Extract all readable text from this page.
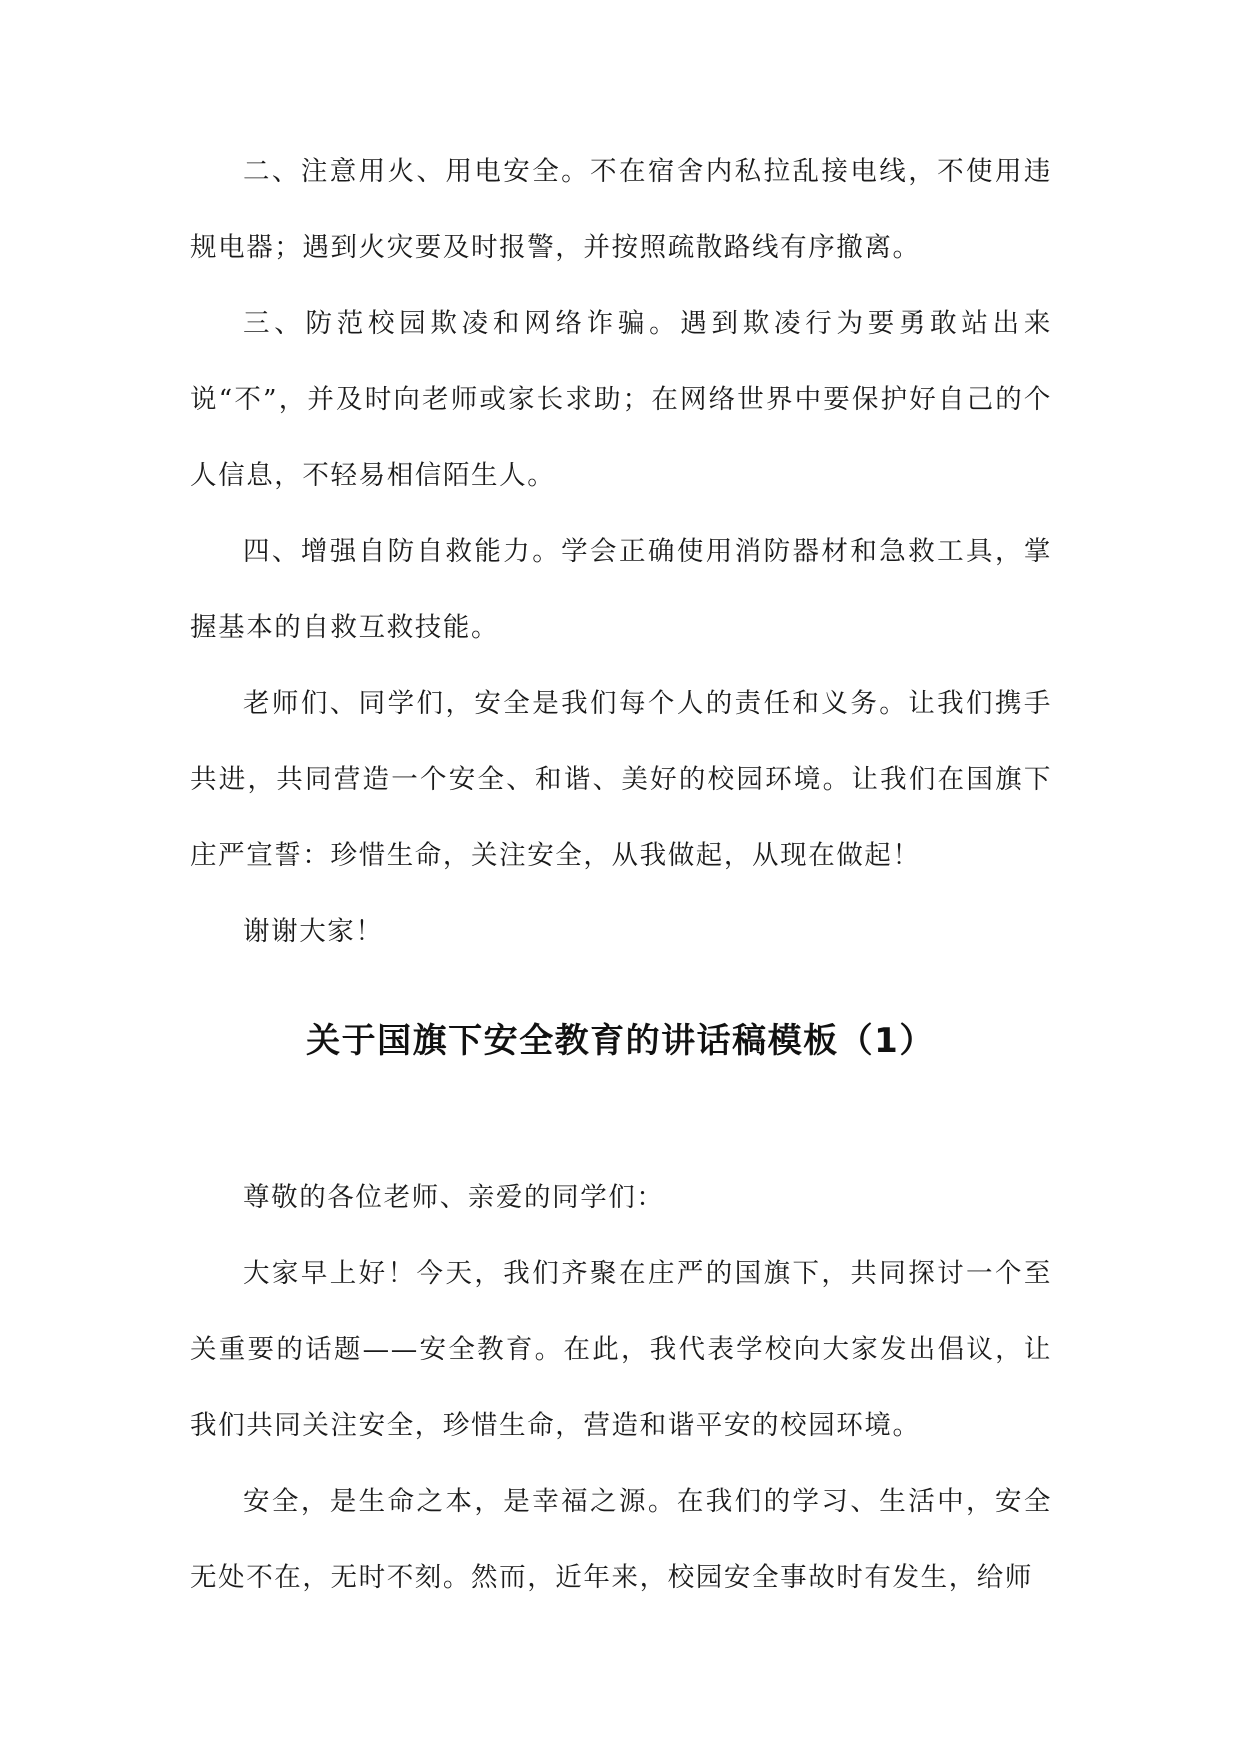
二、注意用火、用电安全。不在宿舍内私拉乱接电线，不使用违规电器；遇到火灾要及时报警，并按照疏散路线有序撤离。

三、防范校园欺凌和网络诈骗。遇到欺凌行为要勇敢站出来说“不”，并及时向老师或家长求助；在网络世界中要保护好自己的个人信息，不轻易相信陌生人。

四、增强自防自救能力。学会正确使用消防器材和急救工具，掌握基本的自救互救技能。

老师们、同学们，安全是我们每个人的责任和义务。让我们携手共进，共同营造一个安全、和谐、美好的校园环境。让我们在国旗下庄严宣誓：珍惜生命，关注安全，从我做起，从现在做起！

谢谢大家！

关于国旗下安全教育的讲话稿模板（1）

尊敬的各位老师、亲爱的同学们：

大家早上好！今天，我们齐聚在庄严的国旗下，共同探讨一个至关重要的话题——安全教育。在此，我代表学校向大家发出倡议，让我们共同关注安全，珍惜生命，营造和谐平安的校园环境。

安全，是生命之本，是幸福之源。在我们的学习、生活中，安全无处不在，无时不刻。然而，近年来，校园安全事故时有发生，给师
